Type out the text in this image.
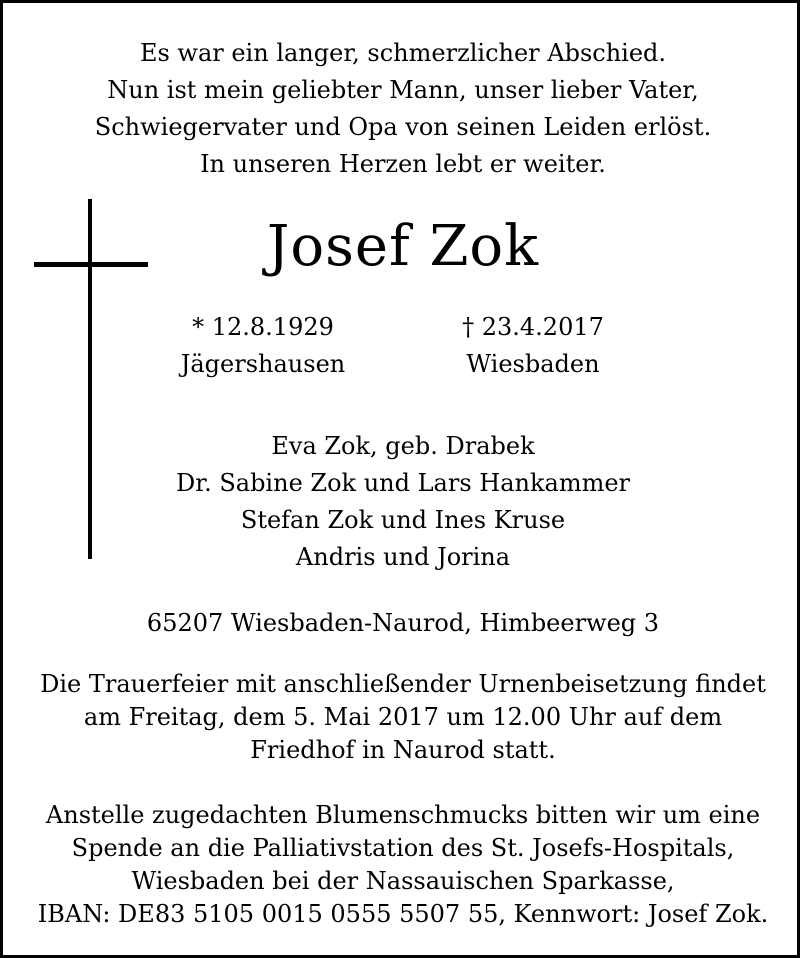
Es war ein langer, schmerzlicher Abschied.
Nun ist mein geliebter Mann, unser lieber Vater,
Schwiegervater und Opa von seinen Leiden erlöst.
In unseren Herzen lebt er weiter.
Josef Zok
* 12.8.1929
Jägershausen
† 23.4.2017
Wiesbaden
Eva Zok, geb. Drabek
Dr. Sabine Zok und Lars Hankammer
Stefan Zok und Ines Kruse
Andris und Jorina
65207 Wiesbaden-Naurod, Himbeerweg 3
Die Trauerfeier mit anschließender Urnenbeisetzung findet
am Freitag, dem 5. Mai 2017 um 12.00 Uhr auf dem
Friedhof in Naurod statt.
Anstelle zugedachten Blumenschmucks bitten wir um eine
Spende an die Palliativstation des St. Josefs-Hospitals,
Wiesbaden bei der Nassauischen Sparkasse,
IBAN: DE83 5105 0015 0555 5507 55, Kennwort: Josef Zok.
